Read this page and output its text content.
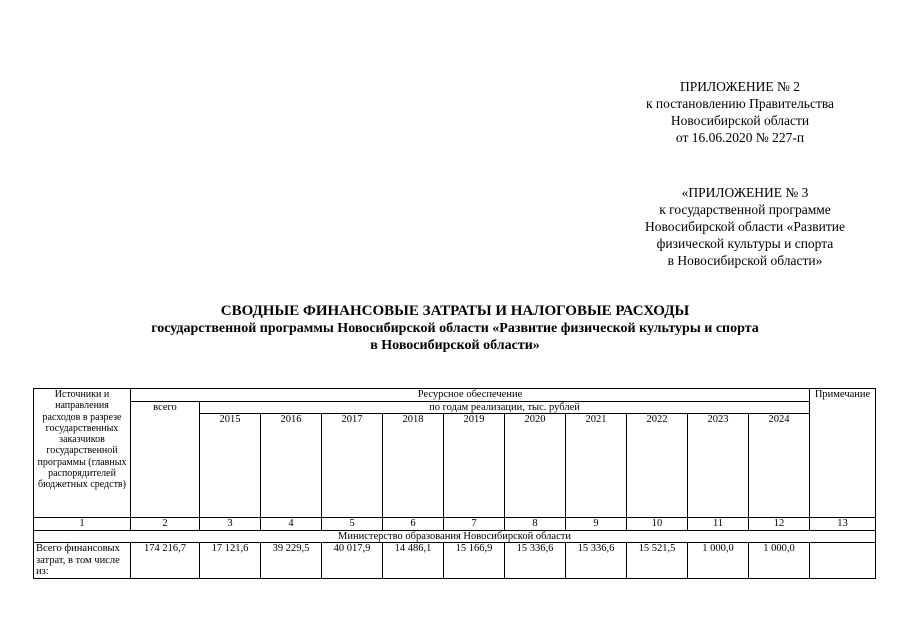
ПРИЛОЖЕНИЕ № 2
к постановлению Правительства
Новосибирской области
от 16.06.2020 № 227-п
«ПРИЛОЖЕНИЕ № 3
к государственной программе
Новосибирской области «Развитие
физической культуры и спорта
в Новосибирской области»
СВОДНЫЕ ФИНАНСОВЫЕ ЗАТРАТЫ И НАЛОГОВЫЕ РАСХОДЫ
государственной программы Новосибирской области «Развитие физической культуры и спорта
в Новосибирской области»
Источники и направления расходов в разрезе государственных заказчиков государственной программы (главных распорядителей бюджетных средств)	Ресурсное обеспечение											Примечание
	всего	по годам реализации, тыс. рублей										
		2015	2016	2017	2018	2019	2020	2021	2022	2023	2024	
1	2	3	4	5	6	7	8	9	10	11	12	13
Министерство образования Новосибирской области												
Всего финансовых затрат, в том числе из:	174 216,7	17 121,6	39 229,5	40 017,9	14 486,1	15 166,9	15 336,6	15 336,6	15 521,5	1 000,0	1 000,0	
